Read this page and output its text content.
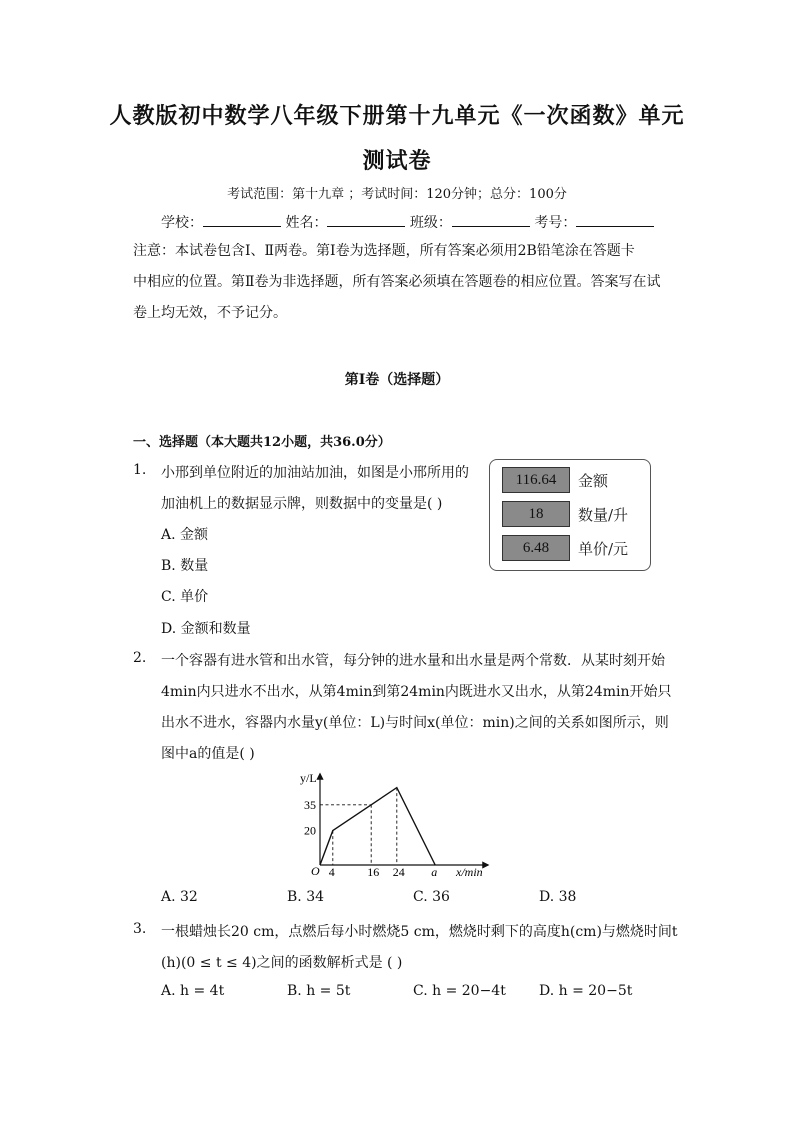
人教版初中数学八年级下册第十九单元《一次函数》单元
测试卷
考试范围：第十九章 ；考试时间：120分钟；总分：100分
学校：	姓名：	班级：	考号：
注意：本试卷包含Ⅰ、Ⅱ两卷。第Ⅰ卷为选择题，所有答案必须用2B铅笔涂在答题卡
中相应的位置。第Ⅱ卷为非选择题，所有答案必须填在答题卷的相应位置。答案写在试
卷上均无效，不予记分。
第Ⅰ卷（选择题）
一、选择题（本大题共12小题，共36.0分）
1. 小邢到单位附近的加油站加油，如图是小邢所用的
加油机上的数据显示牌，则数据中的变量是( )
A. 金额
B. 数量
C. 单价
D. 金额和数量
116.64	金额
18	数量/升
6.48	单价/元
2. 一个容器有进水管和出水管，每分钟的进水量和出水量是两个常数．从某时刻开始
4min内只进水不出水，从第4min到第24min内既进水又出水，从第24min开始只
出水不进水，容器内水量y(单位：L)与时间x(单位：min)之间的关系如图所示，则
图中a的值是( )
4	16 24 a
20
35
y/L
x/min
O
A. 32	B. 34	C. 36	D. 38
3. 一根蜡烛长20 cm，点燃后每小时燃烧5 cm，燃烧时剩下的高度h(cm)与燃烧时间t
(h)(0 ≤ t ≤ 4)之间的函数解析式是 ( )
A. h = 4t	B. h = 5t	C. h = 20−4t D. h = 20−5t
